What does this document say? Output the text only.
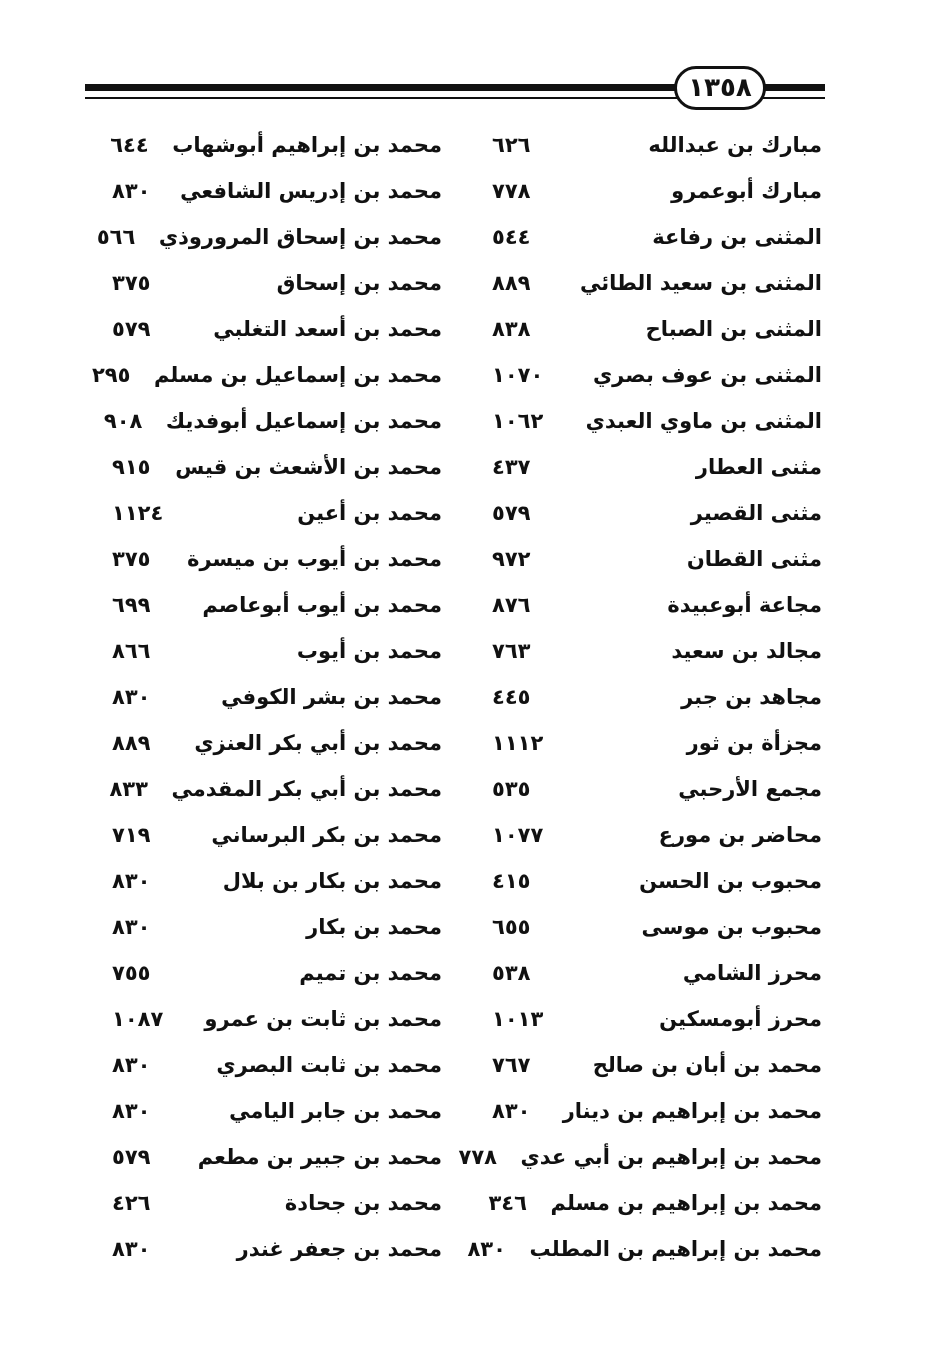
١٣٥٨
مبارك بن عبدالله
٦٢٦
مبارك أبوعمرو
٧٧٨
المثنى بن رفاعة
٥٤٤
المثنى بن سعيد الطائي
٨٨٩
المثنى بن الصباح
٨٣٨
المثنى بن عوف بصري
١٠٧٠
المثنى بن ماوي العبدي
١٠٦٢
مثنى العطار
٤٣٧
مثنى القصير
٥٧٩
مثنى القطان
٩٧٢
مجاعة أبوعبيدة
٨٧٦
مجالد بن سعيد
٧٦٣
مجاهد بن جبر
٤٤٥
مجزأة بن ثور
١١١٢
مجمع الأرحبي
٥٣٥
محاضر بن مورع
١٠٧٧
محبوب بن الحسن
٤١٥
محبوب بن موسى
٦٥٥
محرز الشامي
٥٣٨
محرز أبومسكين
١٠١٣
محمد بن أبان بن صالح
٧٦٧
محمد بن إبراهيم بن دينار
٨٣٠
محمد بن إبراهيم بن أبي عدي
٧٧٨
محمد بن إبراهيم بن مسلم
٣٤٦
محمد بن إبراهيم بن المطلب
٨٣٠
محمد بن إبراهيم أبوشهاب
٦٤٤
محمد بن إدريس الشافعي
٨٣٠
محمد بن إسحاق المروروذي
٥٦٦
محمد بن إسحاق
٣٧٥
محمد بن أسعد التغلبي
٥٧٩
محمد بن إسماعيل بن مسلم
٢٩٥
محمد بن إسماعيل أبوفديك
٩٠٨
محمد بن الأشعث بن قيس
٩١٥
محمد بن أعين
١١٢٤
محمد بن أيوب بن ميسرة
٣٧٥
محمد بن أيوب أبوعاصم
٦٩٩
محمد بن أيوب
٨٦٦
محمد بن بشر الكوفي
٨٣٠
محمد بن أبي بكر العنزي
٨٨٩
محمد بن أبي بكر المقدمي
٨٣٣
محمد بن بكر البرساني
٧١٩
محمد بن بكار بن بلال
٨٣٠
محمد بن بكار
٨٣٠
محمد بن تميم
٧٥٥
محمد بن ثابت بن عمرو
١٠٨٧
محمد بن ثابت البصري
٨٣٠
محمد بن جابر اليامي
٨٣٠
محمد بن جبير بن مطعم
٥٧٩
محمد بن جحادة
٤٢٦
محمد بن جعفر غندر
٨٣٠
